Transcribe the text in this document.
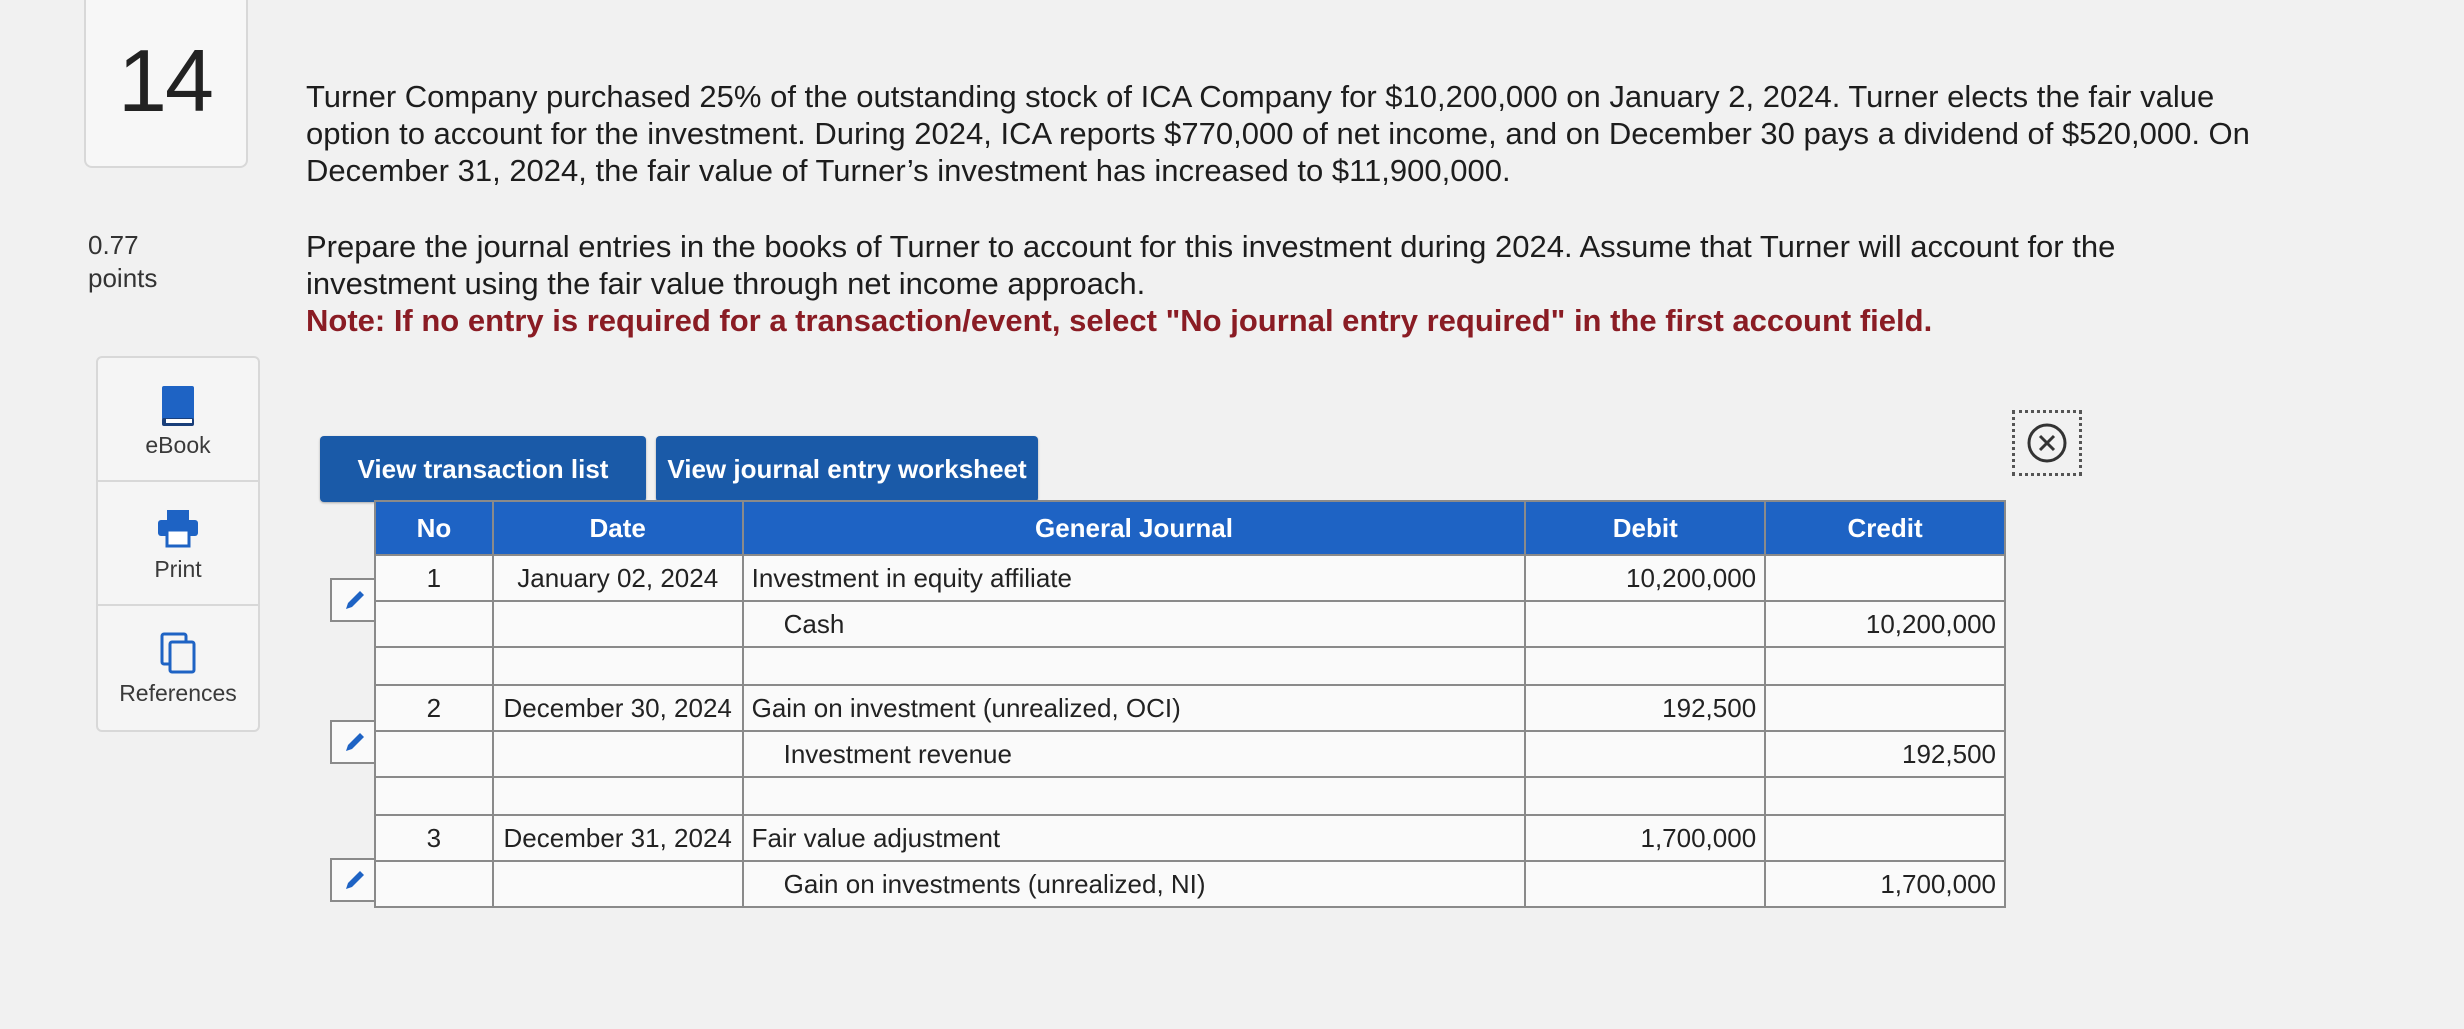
14
0.77
points
eBook
Print
References

Turner Company purchased 25% of the outstanding stock of ICA Company for $10,200,000 on January 2, 2024. Turner elects the fair value option to account for the investment. During 2024, ICA reports $770,000 of net income, and on December 30 pays a dividend of $520,000. On December 31, 2024, the fair value of Turner’s investment has increased to $11,900,000.

Prepare the journal entries in the books of Turner to account for this investment during 2024. Assume that Turner will account for the investment using the fair value through net income approach.

Note: If no entry is required for a transaction/event, select "No journal entry required" in the first account field.

View transaction list	View journal entry worksheet
No	Date	General Journal	Debit	Credit
1	January 02, 2024	Investment in equity affiliate	10,200,000	
		Cash		10,200,000

2	December 30, 2024	Gain on investment (unrealized, OCI)	192,500	
		Investment revenue		192,500

3	December 31, 2024	Fair value adjustment	1,700,000	
		Gain on investments (unrealized, NI)		1,700,000
